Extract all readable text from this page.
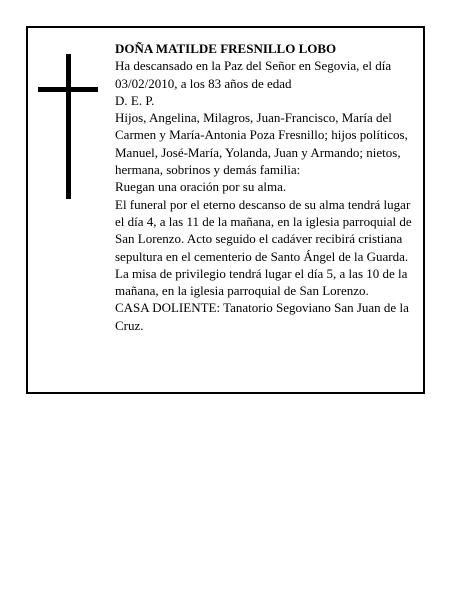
DOÑA MATILDE FRESNILLO LOBO

Ha descansado en la Paz del Señor en Segovia, el día 03/02/2010, a los 83 años de edad

D. E. P.

Hijos, Angelina, Milagros, Juan-Francisco, María del Carmen y María-Antonia Poza Fresnillo; hijos políticos, Manuel, José-María, Yolanda, Juan y Armando; nietos, hermana, sobrinos y demás familia:

Ruegan una oración por su alma.

El funeral por el eterno descanso de su alma tendrá lugar el día 4, a las 11 de la mañana, en la iglesia parroquial de San Lorenzo. Acto seguido el cadáver recibirá cristiana sepultura en el cementerio de Santo Ángel de la Guarda. La misa de privilegio tendrá lugar el día 5, a las 10 de la mañana, en la iglesia parroquial de San Lorenzo.

CASA DOLIENTE: Tanatorio Segoviano San Juan de la Cruz.
